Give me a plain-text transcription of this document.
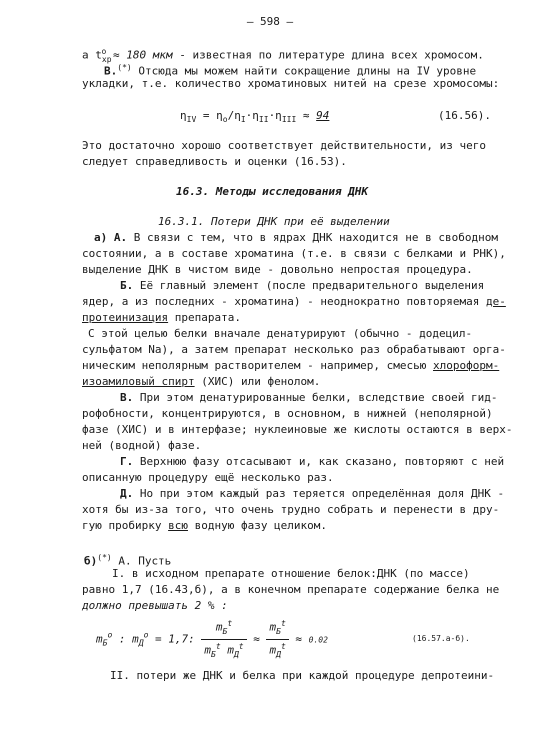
– 598 –
а $t_{хр}^о \approx 180$ мкм - известная по литературе длина всех хромосом.
В.(*) Отсюда мы можем найти сокращение длины на IV уровне
укладки, т.е. количество хроматиновых нитей на срезе хромосомы:
$\eta_{IV} = \eta_o/\eta_I\cdot\eta_{II}\cdot\eta_{III} \approx 94$	(16.56).
Это достаточно хорошо соответствует действительности, из чего
следует справедливость и оценки (16.53).
16.3. Методы исследования ДНК
16.3.1. Потери ДНК при её выделении
а) А. В связи с тем, что в ядрах ДНК находится не в свободном
состоянии, а в составе хроматина (т.е. в связи с белками и РНК),
выделение ДНК в чистом виде - довольно непростая процедура.
Б. Её главный элемент (после предварительного выделения
ядер, а из последних - хроматина) - неоднократно повторяемая де-
протеинизация препарата.
С этой целью белки вначале денатурируют (обычно - додецил-
сульфатом Na), а затем препарат несколько раз обрабатывают орга-
ническим неполярным растворителем - например, смесью хлороформ-
изоамиловый спирт (ХИС) или фенолом.
В. При этом денатурированные белки, вследствие своей гид-
рофобности, концентрируются, в основном, в нижней (неполярной)
фазе (ХИС) и в интерфазе; нуклеиновые же кислоты остаются в верх-
ней (водной) фазе.
Г. Верхнюю фазу отсасывают и, как сказано, повторяют с ней
описанную процедуру ещё несколько раз.
Д. Но при этом каждый раз теряется определённая доля ДНК -
хотя бы из-за того, что очень трудно собрать и перенести в дру-
гую пробирку всю водную фазу целиком.
б)(*) А. Пусть
I. в исходном препарате отношение белок:ДНК (по массе)
равно 1,7 (16.43,б), а в конечном препарате содержание белка не
должно превышать 2 % :
$m_Б^о$ : $m_Д^о = 1,7$: $\frac{m_Б^t}{m_Б^t m_Д^t} \approx \frac{m_Б^t}{m_Д^t} \approx 0.02$	(16.57.а-б).
II. потери же ДНК и белка при каждой процедуре депротеини-
